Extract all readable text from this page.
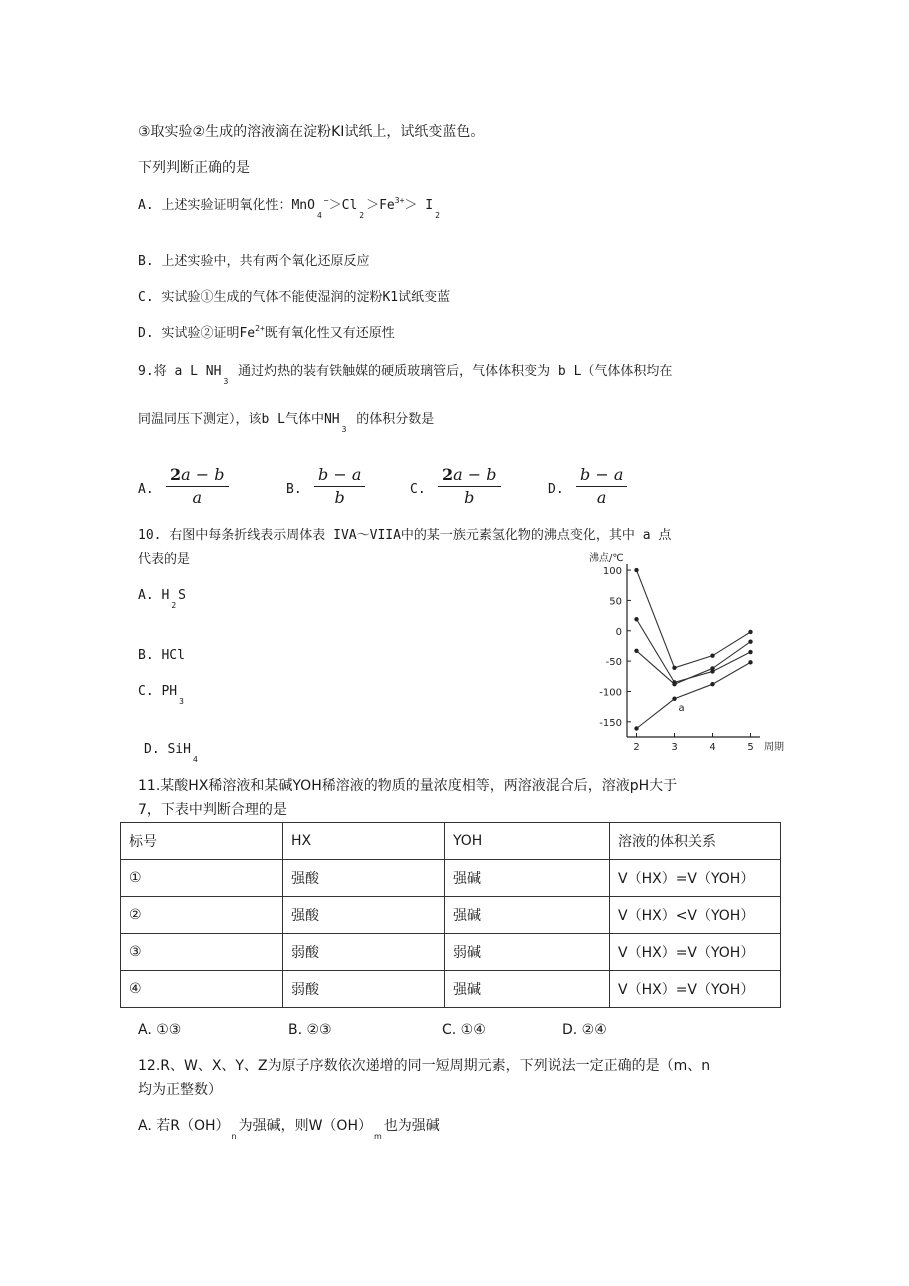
③取实验②生成的溶液滴在淀粉KI试纸上，试纸变蓝色。
下列判断正确的是
A. 上述实验证明氧化性：$MnO_4^->Cl_2>Fe^{3+}> I_2$
B. 上述实验中，共有两个氧化还原反应
C. 实试验①生成的气体不能使湿润的淀粉K1试纸变蓝
D. 实试验②证明$Fe^{2+}$既有氧化性又有还原性
9.将 a L $NH_3$ 通过灼热的装有铁触媒的硬质玻璃管后，气体体积变为 b L（气体体积均在
同温同压下测定），该b L气体中$NH_3$ 的体积分数是
A. $\frac{2a - b}{a}$	B. $\frac{b - a}{b}$	C. $\frac{2a - b}{b}$	D. $\frac{b - a}{a}$
10. 右图中每条折线表示周体表 IVA～VIIA中的某一族元素氢化物的沸点变化，其中 a 点
代表的是
A. $H_2S$
B. HCl
C. $PH_3$
D. SiH$_4$
沸点/℃
100
50
0
-50
-100
-150
2	3	4	5 周期
a
11.某酸HX稀溶液和某碱YOH稀溶液的物质的量浓度相等，两溶液混合后，溶液pH大于
7，下表中判断合理的是
标号	HX	YOH	溶液的体积关系
①	强酸	强碱	V（HX）=V（YOH）
②	强酸	强碱	V（HX）<V（YOH）
③	弱酸	弱碱	V（HX）=V（YOH）
④	弱酸	强碱	V（HX）=V（YOH）
A. ①③	B. ②③	C. ①④	D. ②④
12.R、W、X、Y、Z为原子序数依次递增的同一短周期元素，下列说法一定正确的是（m、n
均为正整数）
A. 若$R(OH)_n$为强碱，则$W(OH)_m$也为强碱
